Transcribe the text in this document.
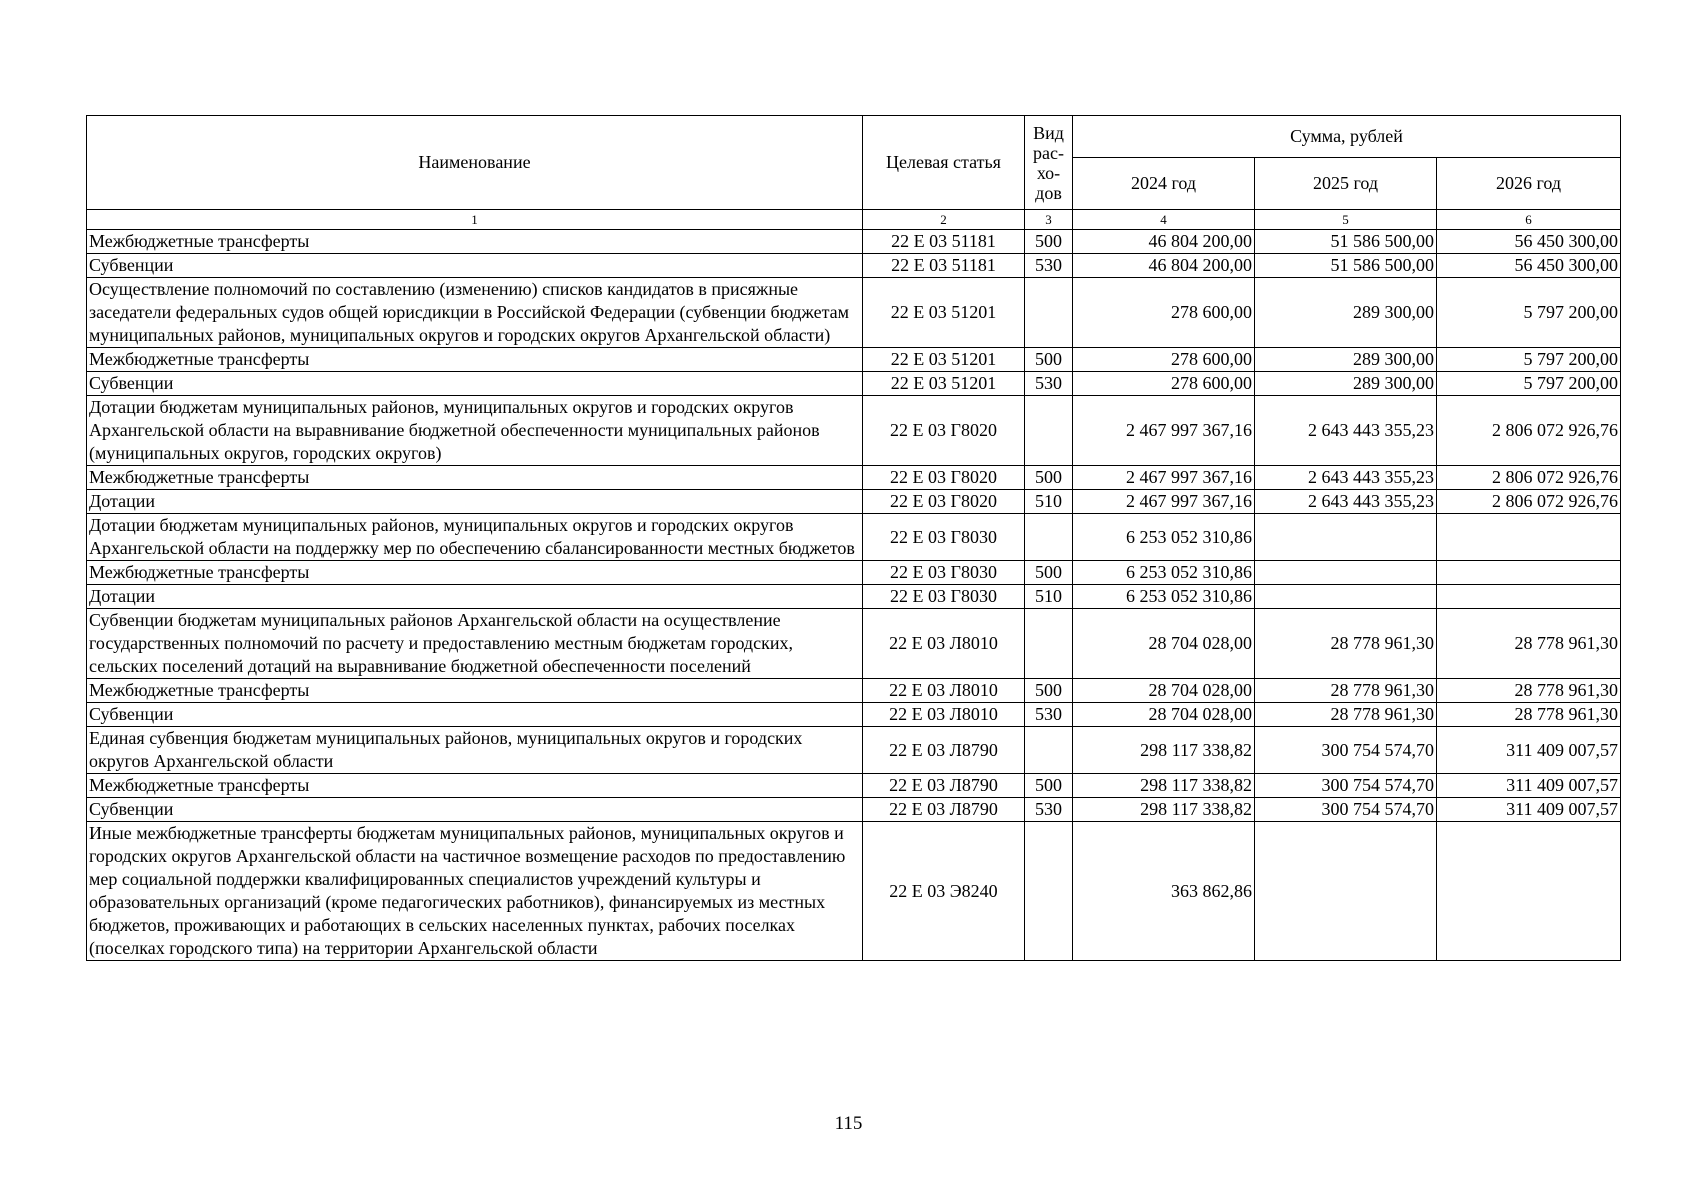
Наименование	Целевая статья	Вид рас-хо-дов	Сумма, рублей		
			2024 год	2025 год	2026 год
1	2	3	4	5	6
Межбюджетные трансферты	22 Е 03 51181	500	46 804 200,00	51 586 500,00	56 450 300,00
Субвенции	22 Е 03 51181	530	46 804 200,00	51 586 500,00	56 450 300,00
Осуществление полномочий по составлению (изменению) списков кандидатов в присяжные заседатели федеральных судов общей юрисдикции в Российской Федерации (субвенции бюджетам муниципальных районов, муниципальных округов и городских округов Архангельской области)	22 Е 03 51201		278 600,00	289 300,00	5 797 200,00
Межбюджетные трансферты	22 Е 03 51201	500	278 600,00	289 300,00	5 797 200,00
Субвенции	22 Е 03 51201	530	278 600,00	289 300,00	5 797 200,00
Дотации бюджетам муниципальных районов, муниципальных округов и городских округов Архангельской области на выравнивание бюджетной обеспеченности муниципальных районов (муниципальных округов, городских округов)	22 Е 03 Г8020		2 467 997 367,16	2 643 443 355,23	2 806 072 926,76
Межбюджетные трансферты	22 Е 03 Г8020	500	2 467 997 367,16	2 643 443 355,23	2 806 072 926,76
Дотации	22 Е 03 Г8020	510	2 467 997 367,16	2 643 443 355,23	2 806 072 926,76
Дотации бюджетам муниципальных районов, муниципальных округов и городских округов Архангельской области на поддержку мер по обеспечению сбалансированности местных бюджетов	22 Е 03 Г8030		6 253 052 310,86		
Межбюджетные трансферты	22 Е 03 Г8030	500	6 253 052 310,86		
Дотации	22 Е 03 Г8030	510	6 253 052 310,86		
Субвенции бюджетам муниципальных районов Архангельской области на осуществление государственных полномочий по расчету и предоставлению местным бюджетам городских, сельских поселений дотаций на выравнивание бюджетной обеспеченности поселений	22 Е 03 Л8010		28 704 028,00	28 778 961,30	28 778 961,30
Межбюджетные трансферты	22 Е 03 Л8010	500	28 704 028,00	28 778 961,30	28 778 961,30
Субвенции	22 Е 03 Л8010	530	28 704 028,00	28 778 961,30	28 778 961,30
Единая субвенция бюджетам муниципальных районов, муниципальных округов и городских округов Архангельской области	22 Е 03 Л8790		298 117 338,82	300 754 574,70	311 409 007,57
Межбюджетные трансферты	22 Е 03 Л8790	500	298 117 338,82	300 754 574,70	311 409 007,57
Субвенции	22 Е 03 Л8790	530	298 117 338,82	300 754 574,70	311 409 007,57
Иные межбюджетные трансферты бюджетам муниципальных районов, муниципальных округов и городских округов Архангельской области на частичное возмещение расходов по предоставлению мер социальной поддержки квалифицированных специалистов учреждений культуры и образовательных организаций (кроме педагогических работников), финансируемых из местных бюджетов, проживающих и работающих в сельских населенных пунктах, рабочих поселках (поселках городского типа) на территории Архангельской области	22 Е 03 Э8240		363 862,86		
115
